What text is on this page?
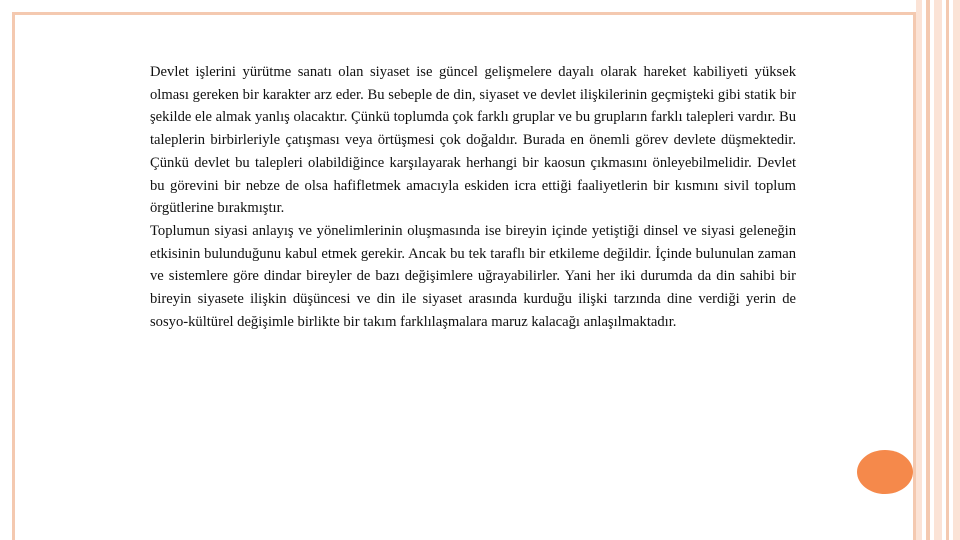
Devlet işlerini yürütme sanatı olan siyaset ise güncel gelişmelere dayalı olarak hareket kabiliyeti yüksek olması gereken bir karakter arz eder. Bu sebeple de din, siyaset ve devlet ilişkilerinin geçmişteki gibi statik bir şekilde ele almak yanlış olacaktır. Çünkü toplumda çok farklı gruplar ve bu grupların farklı talepleri vardır. Bu taleplerin birbirleriyle çatışması veya örtüşmesi çok doğaldır. Burada en önemli görev devlete düşmektedir. Çünkü devlet bu talepleri olabildiğince karşılayarak herhangi bir kaosun çıkmasını önleyebilmelidir. Devlet bu görevini bir nebze de olsa hafifletmek amacıyla eskiden icra ettiği faaliyetlerin bir kısmını sivil toplum örgütlerine bırakmıştır.

Toplumun siyasi anlayış ve yönelimlerinin oluşmasında ise bireyin içinde yetiştiği dinsel ve siyasi geleneğin etkisinin bulunduğunu kabul etmek gerekir. Ancak bu tek taraflı bir etkileme değildir. İçinde bulunulan zaman ve sistemlere göre dindar bireyler de bazı değişimlere uğrayabilirler. Yani her iki durumda da din sahibi bir bireyin siyasete ilişkin düşüncesi ve din ile siyaset arasında kurduğu ilişki tarzında dine verdiği yerin de sosyo-kültürel değişimle birlikte bir takım farklılaşmalara maruz kalacağı anlaşılmaktadır.
